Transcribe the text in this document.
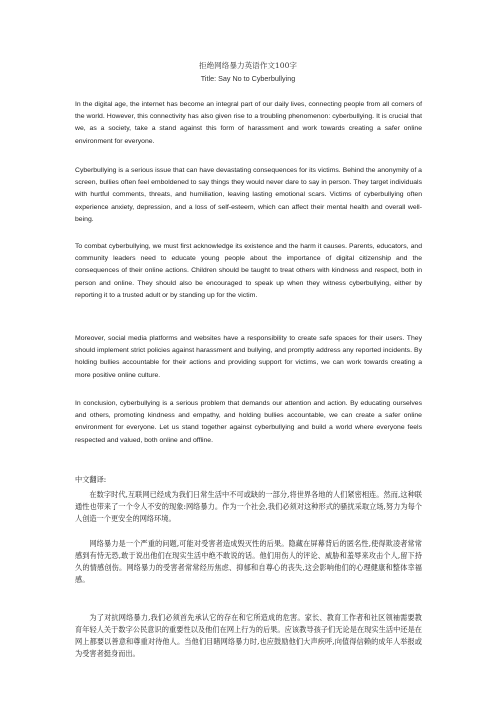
拒绝网络暴力英语作文100字
Title: Say No to Cyberbullying

In the digital age, the internet has become an integral part of our daily lives, connecting people from all corners of the world. However, this connectivity has also given rise to a troubling phenomenon: cyberbullying. It is crucial that we, as a society, take a stand against this form of harassment and work towards creating a safer online environment for everyone.

Cyberbullying is a serious issue that can have devastating consequences for its victims. Behind the anonymity of a screen, bullies often feel emboldened to say things they would never dare to say in person. They target individuals with hurtful comments, threats, and humiliation, leaving lasting emotional scars. Victims of cyberbullying often experience anxiety, depression, and a loss of self-esteem, which can affect their mental health and overall well-being.

To combat cyberbullying, we must first acknowledge its existence and the harm it causes. Parents, educators, and community leaders need to educate young people about the importance of digital citizenship and the consequences of their online actions. Children should be taught to treat others with kindness and respect, both in person and online. They should also be encouraged to speak up when they witness cyberbullying, either by reporting it to a trusted adult or by standing up for the victim.

Moreover, social media platforms and websites have a responsibility to create safe spaces for their users. They should implement strict policies against harassment and bullying, and promptly address any reported incidents. By holding bullies accountable for their actions and providing support for victims, we can work towards creating a more positive online culture.

In conclusion, cyberbullying is a serious problem that demands our attention and action. By educating ourselves and others, promoting kindness and empathy, and holding bullies accountable, we can create a safer online environment for everyone. Let us stand together against cyberbullying and build a world where everyone feels respected and valued, both online and offline.

中文翻译:

在数字时代,互联网已经成为我们日常生活中不可或缺的一部分,将世界各地的人们紧密相连。然而,这种联通性也带来了一个令人不安的现象:网络暴力。作为一个社会,我们必须对这种形式的骚扰采取立场,努力为每个人创造一个更安全的网络环境。

网络暴力是一个严重的问题,可能对受害者造成毁灭性的后果。隐藏在屏幕背后的匿名性,使得欺凌者常常感到有恃无恐,敢于说出他们在现实生活中绝不敢说的话。他们用伤人的评论、威胁和羞辱来攻击个人,留下持久的情感创伤。网络暴力的受害者常常经历焦虑、抑郁和自尊心的丧失,这会影响他们的心理健康和整体幸福感。

为了对抗网络暴力,我们必须首先承认它的存在和它所造成的危害。家长、教育工作者和社区领袖需要教育年轻人关于数字公民意识的重要性以及他们在网上行为的后果。应该教导孩子们无论是在现实生活中还是在网上都要以善意和尊重对待他人。当他们目睹网络暴力时,也应鼓励他们大声疾呼,向值得信赖的成年人举报或为受害者挺身而出。
